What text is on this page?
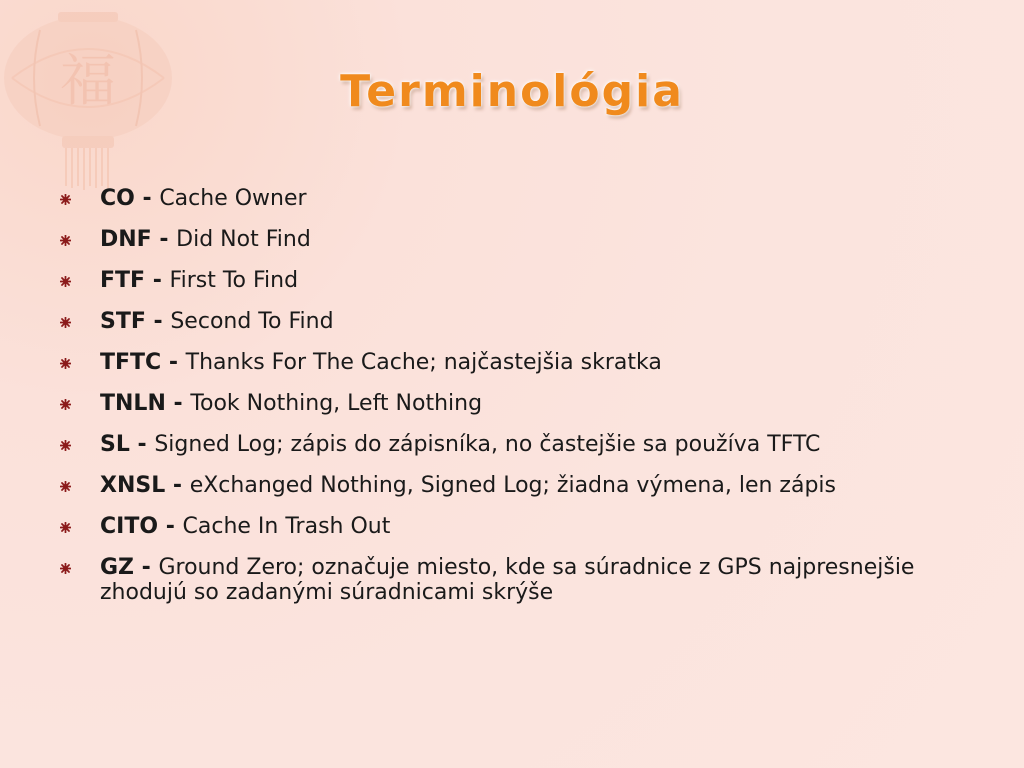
福	Terminológia
CO - Cache Owner
DNF - Did Not Find
FTF - First To Find
STF - Second To Find
TFTC - Thanks For The Cache; najčastejšia skratka
TNLN - Took Nothing, Left Nothing
SL - Signed Log; zápis do zápisníka, no častejšie sa používa TFTC
XNSL - eXchanged Nothing, Signed Log; žiadna výmena, len zápis
CITO - Cache In Trash Out
GZ - Ground Zero; označuje miesto, kde sa súradnice z GPS najpresnejšie zhodujú so zadanými súradnicami skrýše
